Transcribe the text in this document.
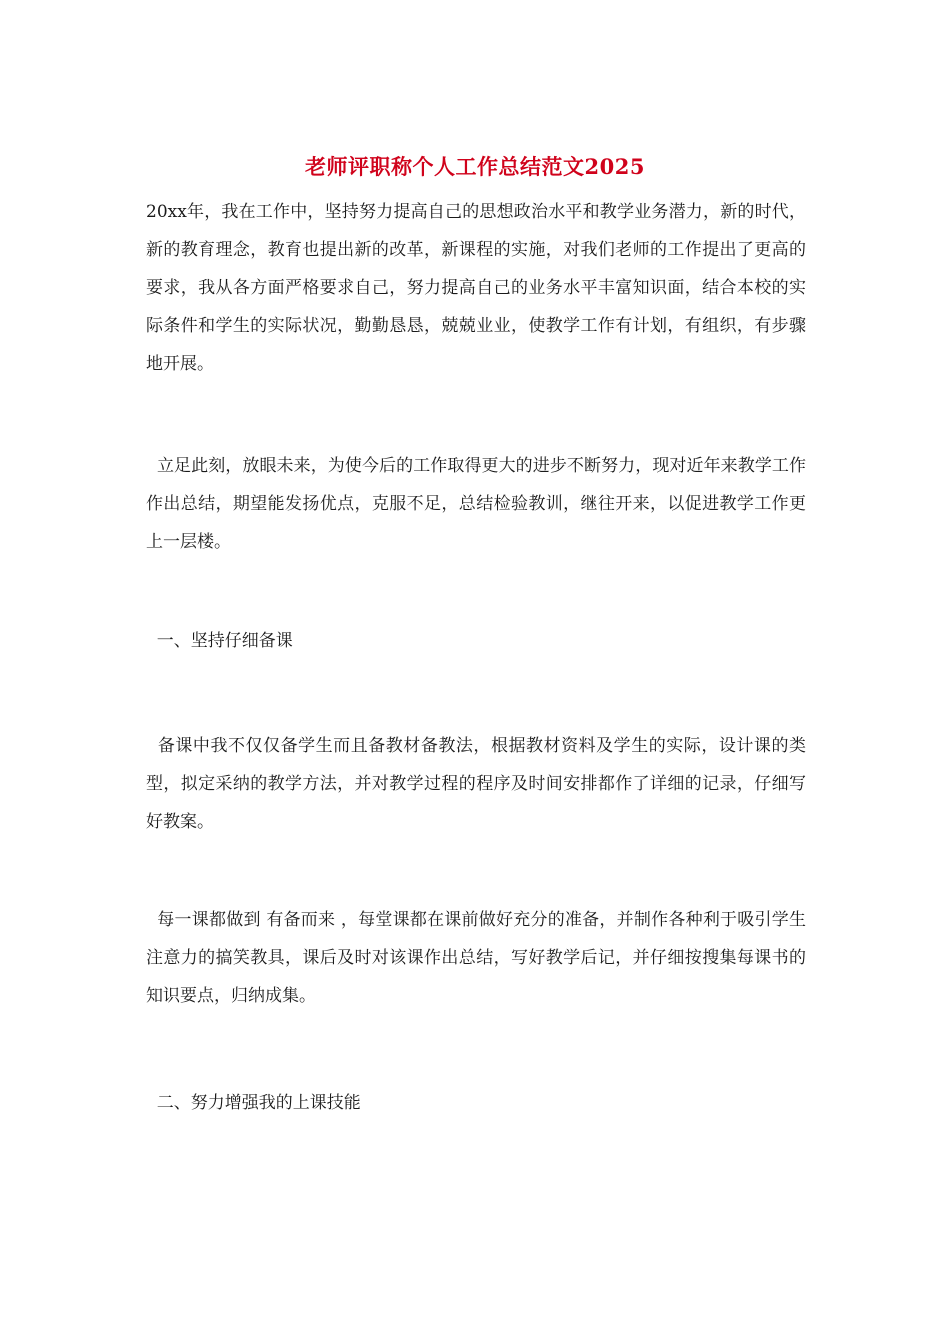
老师评职称个人工作总结范文2025

20xx年，我在工作中，坚持努力提高自己的思想政治水平和教学业务潜力，新的时代，新的教育理念，教育也提出新的改革，新课程的实施，对我们老师的工作提出了更高的要求，我从各方面严格要求自己，努力提高自己的业务水平丰富知识面，结合本校的实际条件和学生的实际状况，勤勤恳恳，兢兢业业，使教学工作有计划，有组织，有步骤地开展。

立足此刻，放眼未来，为使今后的工作取得更大的进步不断努力，现对近年来教学工作作出总结，期望能发扬优点，克服不足，总结检验教训，继往开来，以促进教学工作更上一层楼。

一、坚持仔细备课

备课中我不仅仅备学生而且备教材备教法，根据教材资料及学生的实际，设计课的类型，拟定采纳的教学方法，并对教学过程的程序及时间安排都作了详细的记录，仔细写好教案。

每一课都做到 有备而来 ，每堂课都在课前做好充分的准备，并制作各种利于吸引学生注意力的搞笑教具，课后及时对该课作出总结，写好教学后记，并仔细按搜集每课书的知识要点，归纳成集。

二、努力增强我的上课技能
